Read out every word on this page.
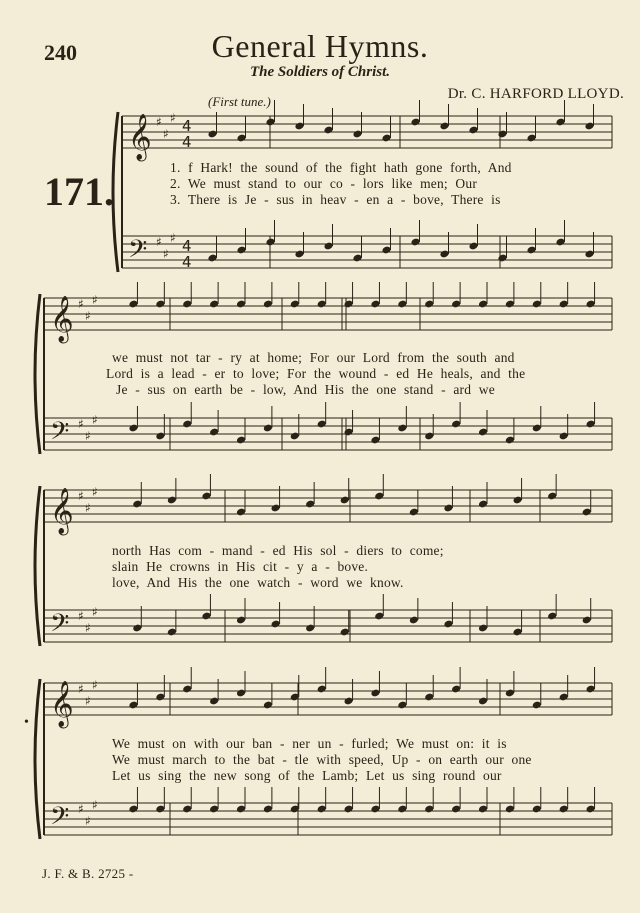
240	General Hymns.
The Soldiers of Christ.
Dr. C. HARFORD LLOYD.
(First tune.)
171.
•
𝄞
𝄢
♯
♯
♯
♯
♯
♯
4
4
4
4
𝄞
𝄢
♯
♯
♯
♯
♯
♯
𝄞
𝄢
♯
♯
♯
♯
♯
♯
𝄞
𝄢
♯
♯
♯
♯
♯
♯
1. f Hark! the sound of the fight hath gone forth, And
2. We must stand to our co - lors like men; Our
3. There is Je - sus in heav - en a - bove, There is
we must not tar - ry at home; For our Lord from the south and
Lord is a lead - er to love; For the wound - ed He heals, and the
Je - sus on earth be - low, And His the one stand - ard we
north Has com - mand - ed His sol - diers to come;
slain He crowns in His cit - y a - bove.
love, And His the one watch - word we know.
We must on with our ban - ner un - furled; We must on: it is
We must march to the bat - tle with speed, Up - on earth our one
Let us sing the new song of the Lamb; Let us sing round our
J. F. & B. 2725 -
